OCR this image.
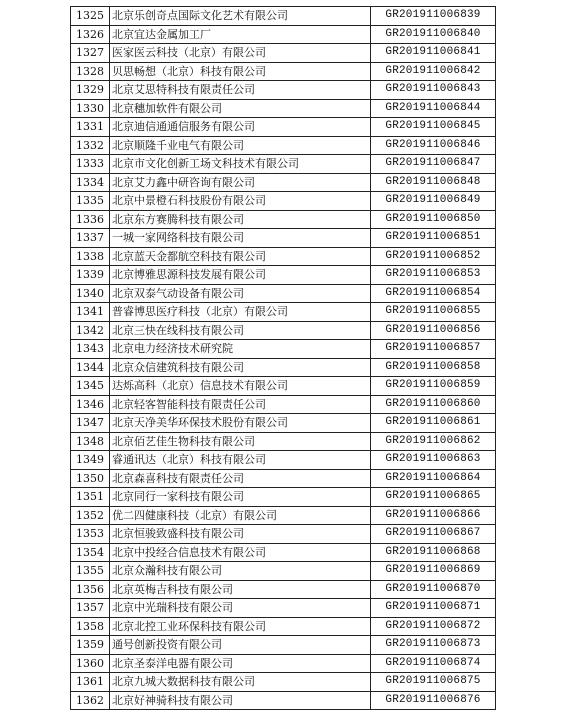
1325	北京乐创奇点国际文化艺术有限公司	GR201911006839
1326	北京宜达金属加工厂	GR201911006840
1327	医家医云科技（北京）有限公司	GR201911006841
1328	贝思畅想（北京）科技有限公司	GR201911006842
1329	北京艾思特科技有限责任公司	GR201911006843
1330	北京穗加软件有限公司	GR201911006844
1331	北京迪信通通信服务有限公司	GR201911006845
1332	北京顺隆千业电气有限公司	GR201911006846
1333	北京市文化创新工场文科技术有限公司	GR201911006847
1334	北京艾力鑫中研咨询有限公司	GR201911006848
1335	北京中景橙石科技股份有限公司	GR201911006849
1336	北京东方赛腾科技有限公司	GR201911006850
1337	一城一家网络科技有限公司	GR201911006851
1338	北京蓝天金都航空科技有限公司	GR201911006852
1339	北京博雅思源科技发展有限公司	GR201911006853
1340	北京双泰气动设备有限公司	GR201911006854
1341	普睿博思医疗科技（北京）有限公司	GR201911006855
1342	北京三快在线科技有限公司	GR201911006856
1343	北京电力经济技术研究院	GR201911006857
1344	北京众信建筑科技有限公司	GR201911006858
1345	达烁高科（北京）信息技术有限公司	GR201911006859
1346	北京轻客智能科技有限责任公司	GR201911006860
1347	北京天净美华环保技术股份有限公司	GR201911006861
1348	北京佰艺佳生物科技有限公司	GR201911006862
1349	睿通讯达（北京）科技有限公司	GR201911006863
1350	北京森喜科技有限责任公司	GR201911006864
1351	北京同行一家科技有限公司	GR201911006865
1352	优二四健康科技（北京）有限公司	GR201911006866
1353	北京恒骏致盛科技有限公司	GR201911006867
1354	北京中投经合信息技术有限公司	GR201911006868
1355	北京众瀚科技有限公司	GR201911006869
1356	北京英梅吉科技有限公司	GR201911006870
1357	北京中光瑞科技有限公司	GR201911006871
1358	北京北控工业环保科技有限公司	GR201911006872
1359	通号创新投资有限公司	GR201911006873
1360	北京圣泰洋电器有限公司	GR201911006874
1361	北京九城大数据科技有限公司	GR201911006875
1362	北京好神骑科技有限公司	GR201911006876
